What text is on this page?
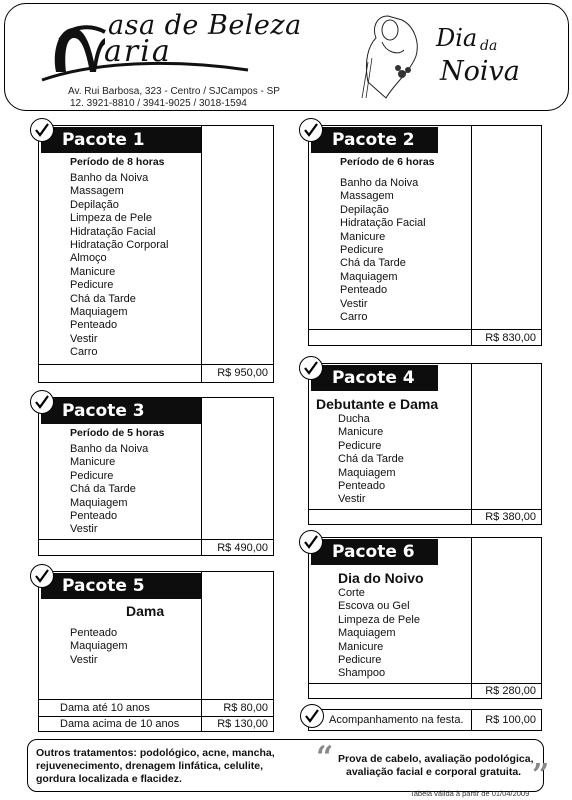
asa de Beleza
aria
Av. Rui Barbosa, 323 - Centro / SJCampos - SP
12. 3921-8810 / 3941-9025 / 3018-1594
Dia da
Noiva
Pacote 1
Período de 8 horas
Banho da Noiva
Massagem
Depilação
Limpeza de Pele
Hidratação Facial
Hidratação Corporal
Almoço
Manicure
Pedicure
Chá da Tarde
Maquiagem
Penteado
Vestir
Carro
R$ 950,00
Pacote 2
Período de 6 horas
Banho da Noiva
Massagem
Depilação
Hidratação Facial
Manicure
Pedicure
Chá da Tarde
Maquiagem
Penteado
Vestir
Carro
R$ 830,00
Pacote 3
Período de 5 horas
Banho da Noiva
Manicure
Pedicure
Chá da Tarde
Maquiagem
Penteado
Vestir
R$ 490,00
Pacote 4
Debutante e Dama
Ducha
Manicure
Pedicure
Chá da Tarde
Maquiagem
Penteado
Vestir
R$ 380,00
Pacote 5
Dama
Penteado
Maquiagem
Vestir
Dama até 10 anos	R$ 80,00
Dama acima de 10 anos	R$ 130,00
Pacote 6
Dia do Noivo
Corte
Escova ou Gel
Limpeza de Pele
Maquiagem
Manicure
Pedicure
Shampoo
R$ 280,00
Acompanhamento na festa.	R$ 100,00
Outros tratamentos: podológico, acne, mancha, rejuvenecimento, drenagem linfática, celulite, gordura localizada e flacidez.
“ Prova de cabelo, avaliação podológica,
avaliação facial e corporal gratuita. ”
Tabela válida à partir de 01/04/2009
